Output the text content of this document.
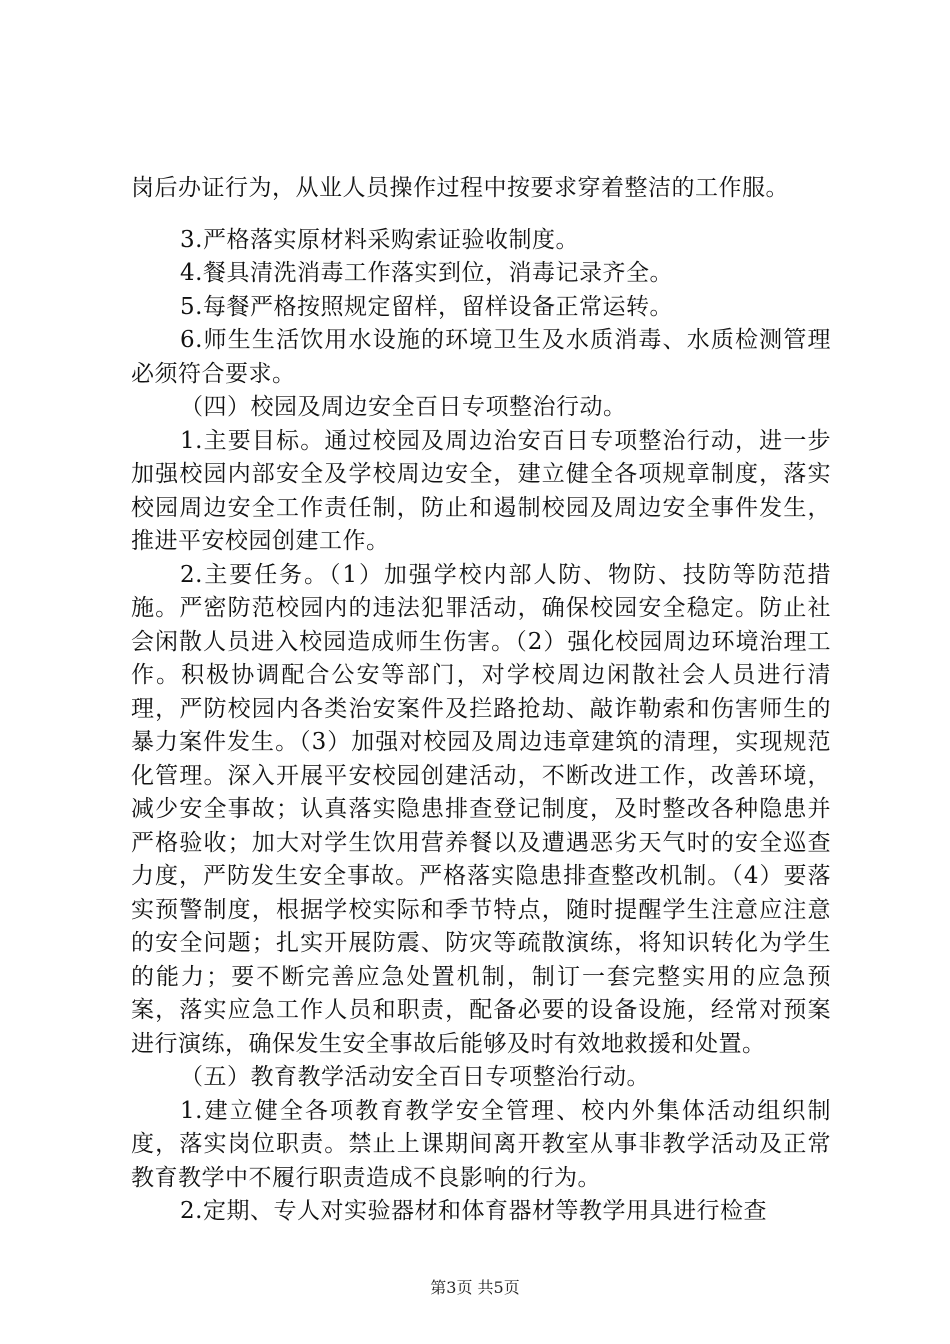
岗后办证行为，从业人员操作过程中按要求穿着整洁的工作服。

3.严格落实原材料采购索证验收制度。

4.餐具清洗消毒工作落实到位，消毒记录齐全。

5.每餐严格按照规定留样，留样设备正常运转。

6.师生生活饮用水设施的环境卫生及水质消毒、水质检测管理必须符合要求。

（四）校园及周边安全百日专项整治行动。

1.主要目标。通过校园及周边治安百日专项整治行动，进一步加强校园内部安全及学校周边安全，建立健全各项规章制度，落实校园周边安全工作责任制，防止和遏制校园及周边安全事件发生，推进平安校园创建工作。

2.主要任务。（1）加强学校内部人防、物防、技防等防范措施。严密防范校园内的违法犯罪活动，确保校园安全稳定。防止社会闲散人员进入校园造成师生伤害。（2）强化校园周边环境治理工作。积极协调配合公安等部门，对学校周边闲散社会人员进行清理，严防校园内各类治安案件及拦路抢劫、敲诈勒索和伤害师生的暴力案件发生。（3）加强对校园及周边违章建筑的清理，实现规范化管理。深入开展平安校园创建活动，不断改进工作，改善环境，减少安全事故；认真落实隐患排查登记制度，及时整改各种隐患并严格验收；加大对学生饮用营养餐以及遭遇恶劣天气时的安全巡查力度，严防发生安全事故。严格落实隐患排查整改机制。（4）要落实预警制度，根据学校实际和季节特点，随时提醒学生注意应注意的安全问题；扎实开展防震、防灾等疏散演练，将知识转化为学生的能力；要不断完善应急处置机制，制订一套完整实用的应急预案，落实应急工作人员和职责，配备必要的设备设施，经常对预案进行演练，确保发生安全事故后能够及时有效地救援和处置。

（五）教育教学活动安全百日专项整治行动。

1.建立健全各项教育教学安全管理、校内外集体活动组织制度，落实岗位职责。禁止上课期间离开教室从事非教学活动及正常教育教学中不履行职责造成不良影响的行为。

2.定期、专人对实验器材和体育器材等教学用具进行检查

第3页 共5页
